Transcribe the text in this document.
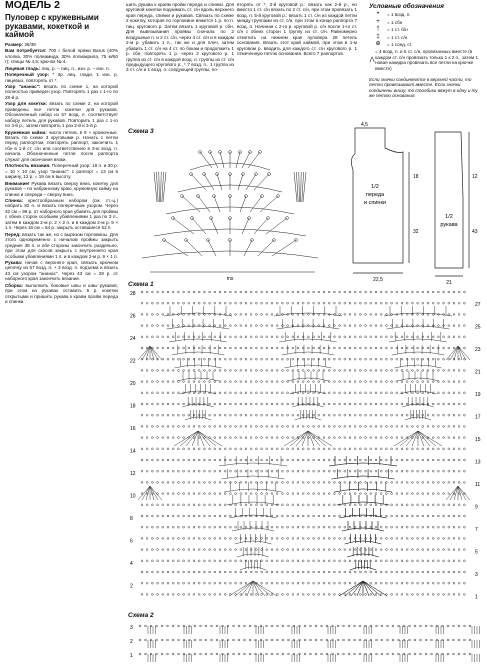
МОДЕЛЬ 2
Пуловер с кружевными рукавами, кокеткой и каймой

Размер: 36/38

Вам потребуется: 700 г белой пряжи Barus (40% хлопка, 30% полиамида, 30% полиакрила, 75 м/50 г); спицы № 4,5; крючок № 4.

Лицевая гладь: лиц. р. – лиц. п., изн. р. – изн. п.

Поперечный узор: * 3р. лиц. глади, 1 изн. р. лицевых, повторять от *.

Узор "ананас": вязать по схеме 1, на которой полностью приведен узор. Повторять 1 раз с 1-го по 28-й р.

Узор для кокетки: вязать по схеме 2, на которой приведены все петли кокетки для рукавов. Обозначенный набор из 57 возд. п. соответствует набору петель для рукавов. Повторить 1 раз с 1-го по 3-й р., затем повторять 1 раз 2-й и 3-й р.

Кружевная кайма: число петель в 9 + кромочные. Вязать по схеме 3 круговыми р. Начать с петли перед раппортом, повторять раппорт, закончить 1 сбн в 1-й ст. с/н или соответственно в 3-ю возд. п. начала. Обозначенные петли после раппорта служат для окончания вязки.

Плотность вязания. Поперечный узор: 18 п. и 30 р. = 10 × 10 см; узор "ананас": 1 раппорт = 13 см в ширину, 12 р. = 19 см в высоту.

Внимание! Рукава вязать сверху вниз, кокетку для рукавов – по набранному краю, кружевную кайму на спинке и спереди – сверху вниз.

Спинка: крестообразным набором (см. ст.-ц.) набрать 82 п. и вязать поперечным узором. Через 32 см = 96 р. от наборного края убавить для проймы с обеих сторон особыми убавлениями 1 раз по 3 п., затем в каждом 2-м р. 2 × 2 п. и в каждом 2-м р. 9 × 1 п. Через 18 см = 54 р. закрыть оставшиеся 52 п.

Перед: вязать так же, но с вырезом горловины. Для этого одновременно с началом проймы закрыть средние 38 п. и обе стороны закончить раздельно, при этом для скосов закрыть с внутреннего края особыми убавлениями 1 п. и в каждом 2-м р. 9 × 1 п.

Рукава: начав с верхнего края, связать крючком цепочку из 57 возд. п. + 3 возд. п. подъема и вязать 43 см узором "ананас". Через 43 см = 28 р. от наборного края закончить вязание.

Сборка: выполнить боковые швы и швы рукавов, при этом на рукавах оставить 5 р. кокетки открытыми и пришить рукава к краям пройм переда и спинки.

шить рукава к краям пройм переда и спинки. Для круговой кокетки поднимать ст. с/н вдоль верхнего края переда, спинки и рукавов. Связать по схеме 2 кокетку, которая по горловине вяжется 1 р. по п. лиц. кругового р. Затем вязать 1 круговой р. сбн. Для вывязывания проймы сначала по 2 воздушные п. и 2 ст. с/н, через 4 ст. с/н и в каждом 2-м р. убавить 1 п., так же и для плеч, затем убавить 1 ст. с/н на 4 ст. по бокам и продолжить 1 р. сбн, повторять 1 р. через 2 кругового р. 1 группа из ст. с/н в каждой возд. п. группы из ст. с/н предыдущего кругового р., * 7 возд. п., 1 группа из 3 ст. с/н и 1 возд. п. следующей группы, по-

вторять от *, 3-й круговой р.: вязать как 2-й р., но вместо 1 ст. с/н вязать по 2 ст. с/н, при этом провязать 1 возд. п. 5-й круговой р.: вязать 1 ст. с/н из каждой петли между группами из ст. с/н, при этом в конце раппорта 7 возд. п. Начиная с 2-го р. круговой р. с/н после 1-го ст. с/н с обеих сторон 1 группу из ст. с/н. Равномерно отметить на нижнем крае пуловера 28 петель основания. Вязать этот край каймой, при этом в 1-м круговом р. вводить для каждого ст. с/н кругового р. 1 отмеченную петлю основания. Всего 7 раппортов.

Условные обозначения
•	= 1 возд. п.
+	= 1 сбн
†	= 1 ст. б/н
‡	= 1 ст. с/н
⊕	= 1 соед. ст.
⋀
= 4 возд. п. и 5 ст. с/н, провязанных вместе (в каждом ст. с/н провязать только 1 к 2 п., затем 1 новая накидка провязать все петли на крючке вместе)
Если значки соединяются в верхней части, то петли провязывают вместе. Если значки соединены внизу, то столбики вяжут в одну и ту же петлю основания.
1/2
переда
и спинки
1/2
рукава
22,5	21
18
32
12
43
4,5
Схема 3
ms
Схема 1
28
26
24
22
20
18
16
14
12
10
8
6
4
2
27
25
23
21
19
17
15
13
11
9
7
5
3
1
Схема 2
3
2
1
